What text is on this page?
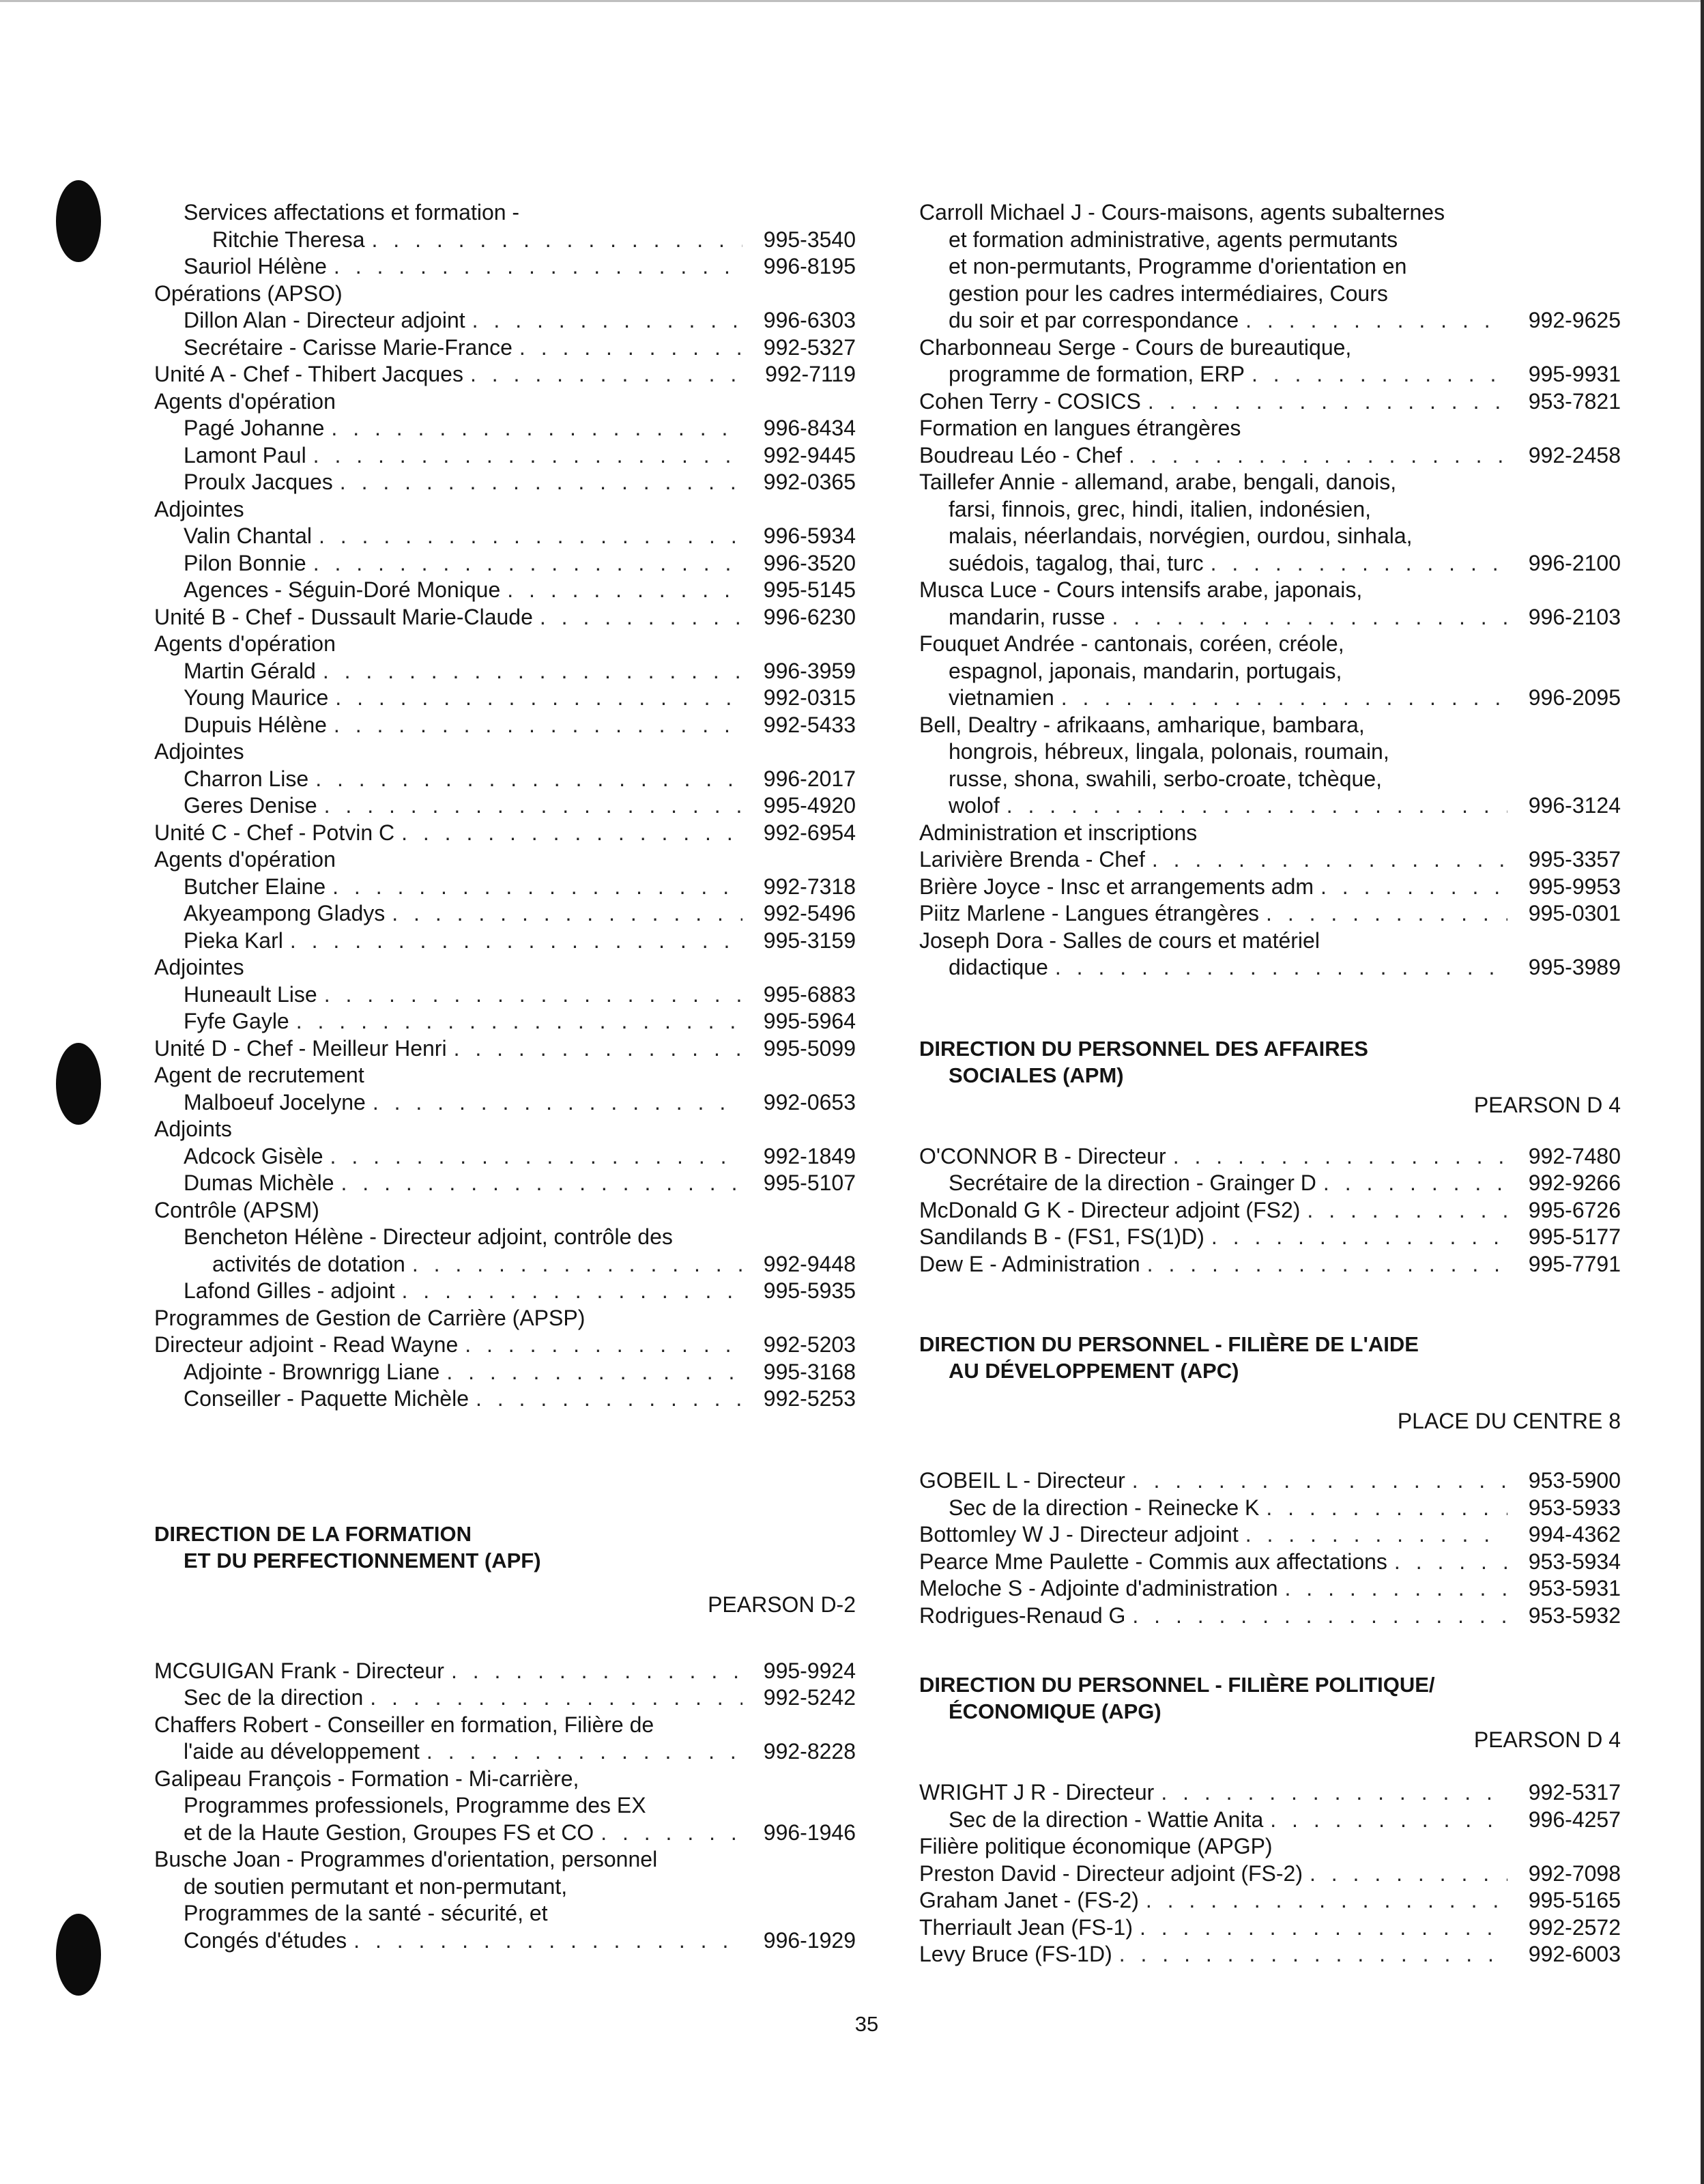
Services affectations et formation -
Ritchie Theresa . . .	995-3540
Sauriol Hélène . . .	996-8195
Opérations (APSO)
Dillon Alan - Directeur adjoint . . .	996-6303
Secrétaire - Carisse Marie-France . . .	992-5327
Unité A - Chef - Thibert Jacques . . .	992-7119
Agents d'opération
Pagé Johanne . . .	996-8434
Lamont Paul . . .	992-9445
Proulx Jacques . . .	992-0365
Adjointes
Valin Chantal . . .	996-5934
Pilon Bonnie . . .	996-3520
Agences - Séguin-Doré Monique . . .	995-5145
Unité B - Chef - Dussault Marie-Claude . . .	996-6230
Agents d'opération
Martin Gérald . . .	996-3959
Young Maurice . . .	992-0315
Dupuis Hélène . . .	992-5433
Adjointes
Charron Lise . . .	996-2017
Geres Denise . . .	995-4920
Unité C - Chef - Potvin C . . .	992-6954
Agents d'opération
Butcher Elaine . . .	992-7318
Akyeampong Gladys . . .	992-5496
Pieka Karl . . .	995-3159
Adjointes
Huneault Lise . . .	995-6883
Fyfe Gayle . . .	995-5964
Unité D - Chef - Meilleur Henri . . .	995-5099
Agent de recrutement
Malboeuf Jocelyne . . .	992-0653
Adjoints
Adcock Gisèle . . .	992-1849
Dumas Michèle . . .	995-5107
Contrôle (APSM)
Bencheton Hélène - Directeur adjoint, contrôle des
activités de dotation . . .	992-9448
Lafond Gilles - adjoint . . .	995-5935
Programmes de Gestion de Carrière (APSP)
Directeur adjoint - Read Wayne . . .	992-5203
Adjointe - Brownrigg Liane . . .	995-3168
Conseiller - Paquette Michèle . . .	992-5253
DIRECTION DE LA FORMATION
ET DU PERFECTIONNEMENT (APF)
PEARSON D-2
MCGUIGAN Frank - Directeur . . .	995-9924
Sec de la direction . . .	992-5242
Chaffers Robert - Conseiller en formation, Filière de
l'aide au développement . . .	992-8228
Galipeau François - Formation - Mi-carrière,
Programmes professionels, Programme des EX
et de la Haute Gestion, Groupes FS et CO . . .	996-1946
Busche Joan - Programmes d'orientation, personnel
de soutien permutant et non-permutant,
Programmes de la santé - sécurité, et
Congés d'études . . .	996-1929
Carroll Michael J - Cours-maisons, agents subalternes
et formation administrative, agents permutants
et non-permutants, Programme d'orientation en
gestion pour les cadres intermédiaires, Cours
du soir et par correspondance . . .	992-9625
Charbonneau Serge - Cours de bureautique,
programme de formation, ERP . . .	995-9931
Cohen Terry - COSICS . . .	953-7821
Formation en langues étrangères
Boudreau Léo - Chef . . .	992-2458
Taillefer Annie - allemand, arabe, bengali, danois,
farsi, finnois, grec, hindi, italien, indonésien,
malais, néerlandais, norvégien, ourdou, sinhala,
suédois, tagalog, thai, turc . . .	996-2100
Musca Luce - Cours intensifs arabe, japonais,
mandarin, russe . . .	996-2103
Fouquet Andrée - cantonais, coréen, créole,
espagnol, japonais, mandarin, portugais,
vietnamien . . .	996-2095
Bell, Dealtry - afrikaans, amharique, bambara,
hongrois, hébreux, lingala, polonais, roumain,
russe, shona, swahili, serbo-croate, tchèque,
wolof . . .	996-3124
Administration et inscriptions
Larivière Brenda - Chef . . .	995-3357
Brière Joyce - Insc et arrangements adm . . .	995-9953
Piitz Marlene - Langues étrangères . . .	995-0301
Joseph Dora - Salles de cours et matériel
didactique . . .	995-3989
DIRECTION DU PERSONNEL DES AFFAIRES
SOCIALES (APM)
PEARSON D 4
O'CONNOR B - Directeur . . .	992-7480
Secrétaire de la direction - Grainger D . . .	992-9266
McDonald G K - Directeur adjoint (FS2) . . .	995-6726
Sandilands B - (FS1, FS(1)D) . . .	995-5177
Dew E - Administration . . .	995-7791
DIRECTION DU PERSONNEL - FILIÈRE DE L'AIDE
AU DÉVELOPPEMENT (APC)
PLACE DU CENTRE 8
GOBEIL L - Directeur . . .	953-5900
Sec de la direction - Reinecke K . . .	953-5933
Bottomley W J - Directeur adjoint . . .	994-4362
Pearce Mme Paulette - Commis aux affectations . . .	953-5934
Meloche S - Adjointe d'administration . . .	953-5931
Rodrigues-Renaud G . . .	953-5932
DIRECTION DU PERSONNEL - FILIÈRE POLITIQUE/
ÉCONOMIQUE (APG)
PEARSON D 4
WRIGHT J R - Directeur . . .	992-5317
Sec de la direction - Wattie Anita . . .	996-4257
Filière politique économique (APGP)
Preston David - Directeur adjoint (FS-2) . . .	992-7098
Graham Janet - (FS-2) . . .	995-5165
Therriault Jean (FS-1) . . .	992-2572
Levy Bruce (FS-1D) . . .	992-6003
35
